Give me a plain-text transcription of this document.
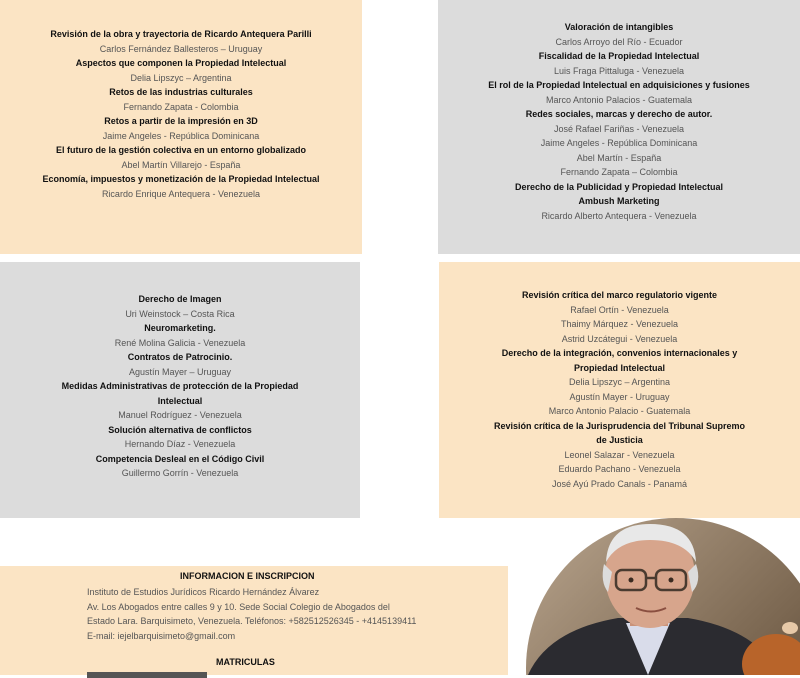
Revisión de la obra y trayectoria de Ricardo Antequera Parilli
Carlos Fernández Ballesteros – Uruguay
Aspectos que componen la Propiedad Intelectual
Delia Lipszyc – Argentina
Retos de las industrias culturales
Fernando Zapata - Colombia
Retos a partir de la impresión en 3D
Jaime Angeles - República Dominicana
El futuro de la gestión colectiva en un entorno globalizado
Abel Martín Villarejo - España
Economía, impuestos y monetización de la Propiedad Intelectual
Ricardo Enrique Antequera - Venezuela
Valoración de intangibles
Carlos Arroyo del Río - Ecuador
Fiscalidad de la Propiedad Intelectual
Luis Fraga Pittaluga - Venezuela
El rol de la Propiedad Intelectual en adquisiciones y fusiones
Marco Antonio Palacios - Guatemala
Redes sociales, marcas y derecho de autor.
José Rafael Fariñas - Venezuela
Jaime Angeles - República Dominicana
Abel Martín - España
Fernando Zapata – Colombia
Derecho de la Publicidad y Propiedad Intelectual
Ambush Marketing
Ricardo Alberto Antequera - Venezuela
Derecho de Imagen
Uri Weinstock – Costa Rica
Neuromarketing.
René Molina Galicia - Venezuela
Contratos de Patrocinio.
Agustín Mayer – Uruguay
Medidas Administrativas de protección de la Propiedad
Intelectual
Manuel Rodríguez - Venezuela
Solución alternativa de conflictos
Hernando Díaz - Venezuela
Competencia Desleal en el Código Civil
Guillermo Gorrín - Venezuela
Revisión crítica del marco regulatorio vigente
Rafael Ortín - Venezuela
Thaimy Márquez - Venezuela
Astrid Uzcátegui - Venezuela
Derecho de la integración, convenios internacionales y
Propiedad Intelectual
Delia Lipszyc – Argentina
Agustín Mayer - Uruguay
Marco Antonio Palacio - Guatemala
Revisión crítica de la Jurisprudencia del Tribunal Supremo
de Justicia
Leonel Salazar - Venezuela
Eduardo Pachano - Venezuela
José Ayú Prado Canals - Panamá
INFORMACION E INSCRIPCION
Instituto de Estudios Jurídicos Ricardo Hernández Álvarez
Av. Los Abogados entre calles 9 y 10. Sede Social Colegio de Abogados del
Estado Lara. Barquisimeto, Venezuela. Teléfonos: +582512526345 - +4145139411
E-mail: iejelbarquisimeto@gmail.com
MATRICULAS
